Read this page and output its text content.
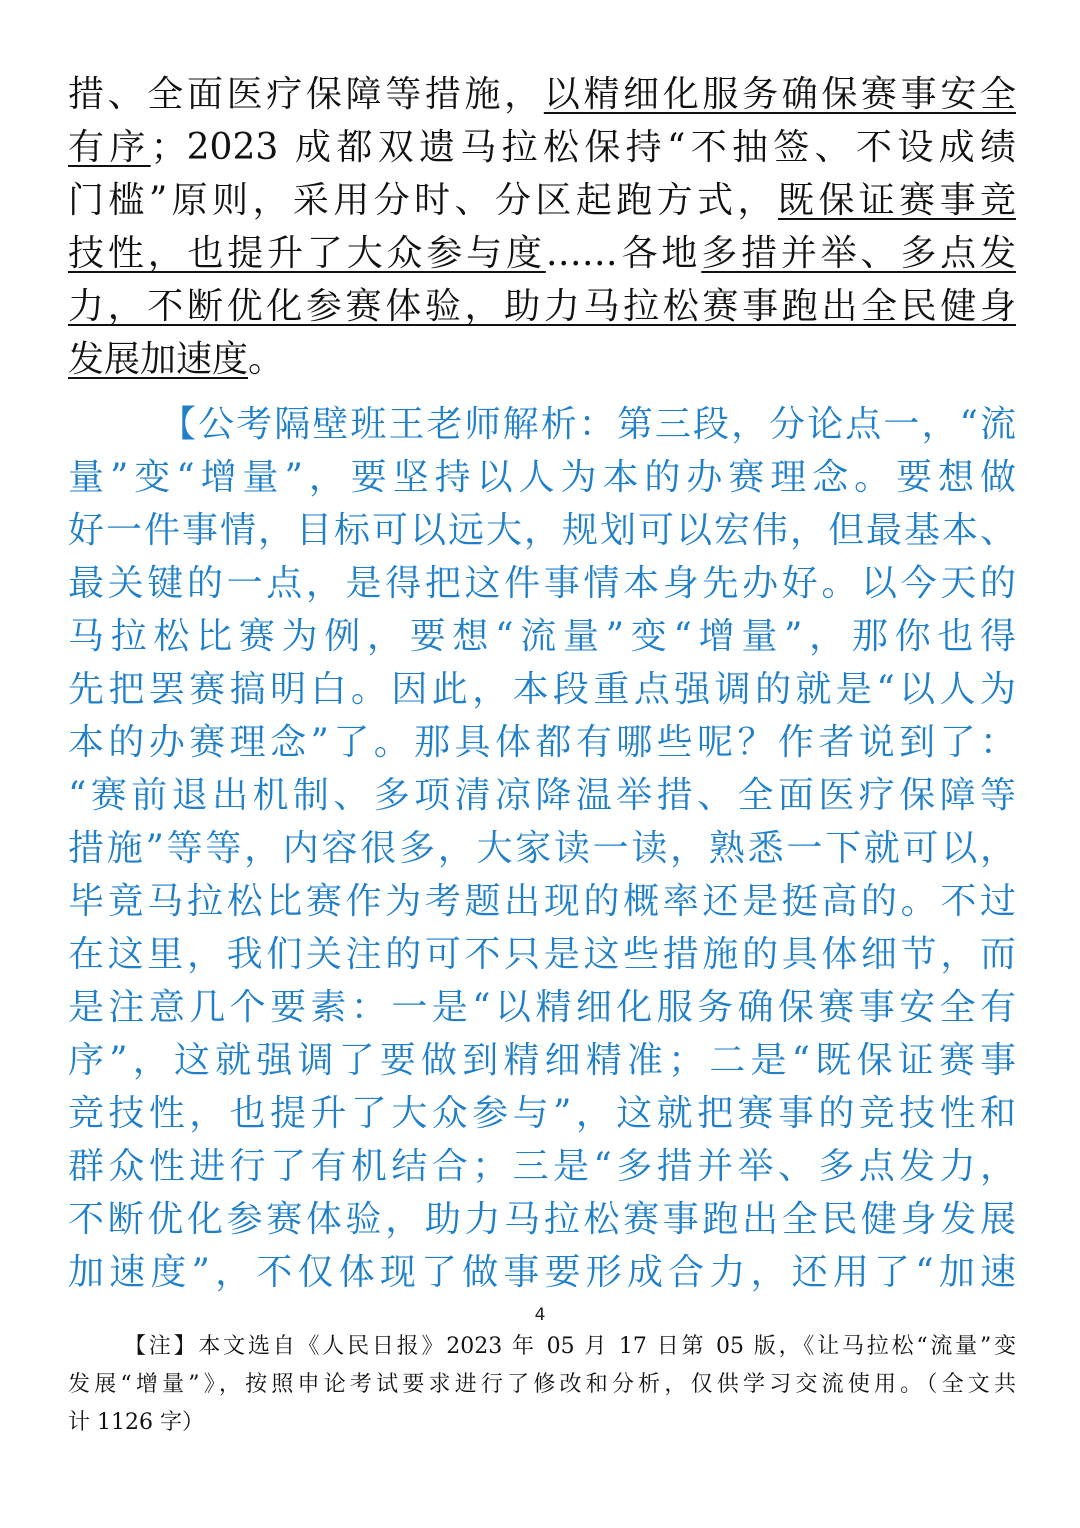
措、全面医疗保障等措施，以精细化服务确保赛事安全
有序；2023 成都双遗马拉松保持“不抽签、不设成绩
门槛”原则，采用分时、分区起跑方式，既保证赛事竞
技性，也提升了大众参与度……各地多措并举、多点发
力，不断优化参赛体验，助力马拉松赛事跑出全民健身
发展加速度。
【公考隔壁班王老师解析：第三段，分论点一，“流
量”变“增量”，要坚持以人为本的办赛理念。要想做
好一件事情，目标可以远大，规划可以宏伟，但最基本、
最关键的一点，是得把这件事情本身先办好。以今天的
马拉松比赛为例，要想“流量”变“增量”，那你也得
先把罢赛搞明白。因此，本段重点强调的就是“以人为
本的办赛理念”了。那具体都有哪些呢？作者说到了：
“赛前退出机制、多项清凉降温举措、全面医疗保障等
措施”等等，内容很多，大家读一读，熟悉一下就可以，
毕竟马拉松比赛作为考题出现的概率还是挺高的。不过
在这里，我们关注的可不只是这些措施的具体细节，而
是注意几个要素：一是“以精细化服务确保赛事安全有
序”，这就强调了要做到精细精准；二是“既保证赛事
竞技性，也提升了大众参与”，这就把赛事的竞技性和
群众性进行了有机结合；三是“多措并举、多点发力，
不断优化参赛体验，助力马拉松赛事跑出全民健身发展
加速度”，不仅体现了做事要形成合力，还用了“加速
4
【注】本文选自《人民日报》2023 年 05 月 17 日第 05 版，《让马拉松“流量”变
发展“增量”》，按照申论考试要求进行了修改和分析，仅供学习交流使用。（全文共
计 1126 字）
